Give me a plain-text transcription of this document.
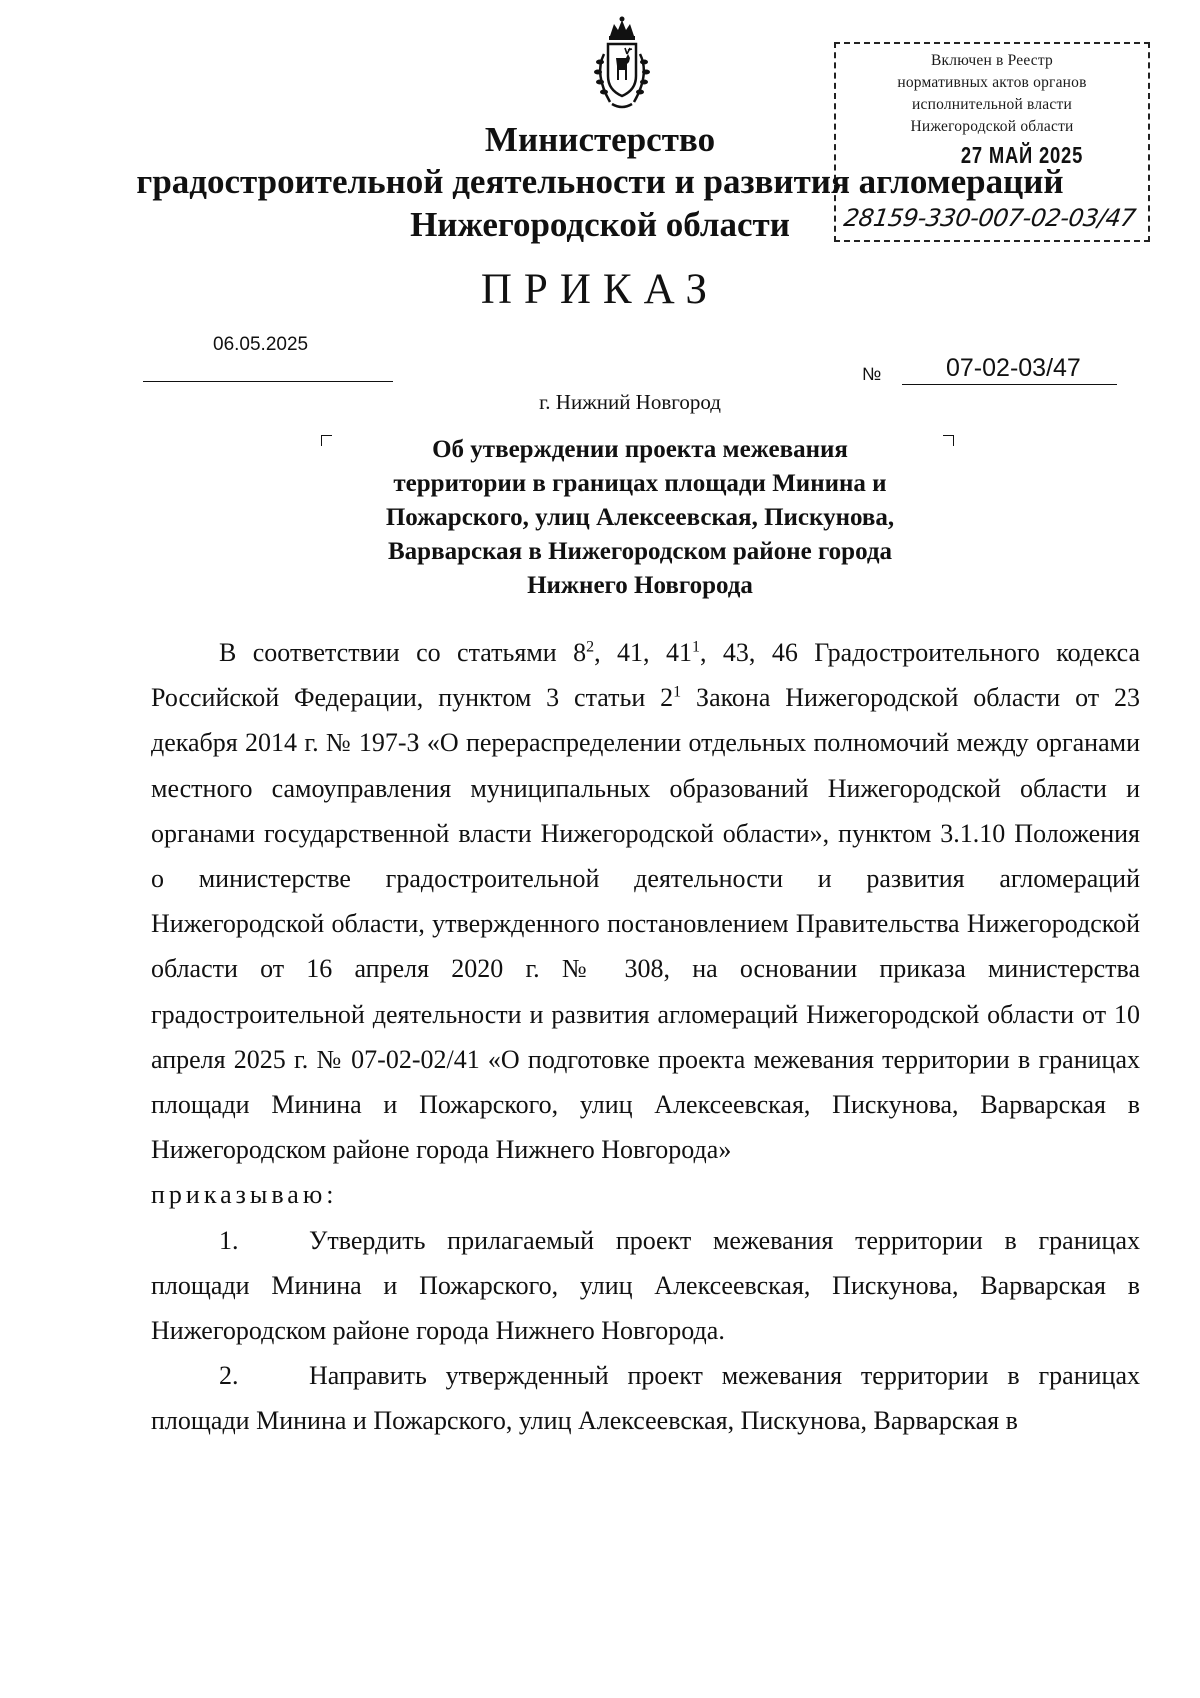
Включен в Реестр
нормативных актов органов
исполнительной власти
Нижегородской области
27 МАЙ 2025
28159-330-007-02-03/47
Министерство
градостроительной деятельности и развития агломераций
Нижегородской области
ПРИКАЗ
06.05.2025
№	07-02-03/47
г. Нижний Новгород
Об утверждении проекта межевания
территории в границах площади Минина и
Пожарского, улиц Алексеевская, Пискунова,
Варварская в Нижегородском районе города
Нижнего Новгорода

В соответствии со статьями $8^2$, 41, $41^1$, 43, 46 Градостроительного кодекса Российской Федерации, пунктом 3 статьи $2^1$ Закона Нижегородской области от 23 декабря 2014 г. № 197-З «О перераспределении отдельных полномочий между органами местного самоуправления муниципальных образований Нижегородской области и органами государственной власти Нижегородской области», пунктом 3.1.10 Положения о министерстве градостроительной деятельности и развития агломераций Нижегородской области, утвержденного постановлением Правительства Нижегородской области от 16 апреля 2020 г. № 308, на основании приказа министерства градостроительной деятельности и развития агломераций Нижегородской области от 10 апреля 2025 г. № 07-02-02/41 «О подготовке проекта межевания территории в границах площади Минина и Пожарского, улиц Алексеевская, Пискунова, Варварская в Нижегородском районе города Нижнего Новгорода»

приказываю:

1.	Утвердить прилагаемый проект межевания территории в границах площади Минина и Пожарского, улиц Алексеевская, Пискунова, Варварская в Нижегородском районе города Нижнего Новгорода.

2.	Направить утвержденный проект межевания территории в границах площади Минина и Пожарского, улиц Алексеевская, Пискунова, Варварская в
